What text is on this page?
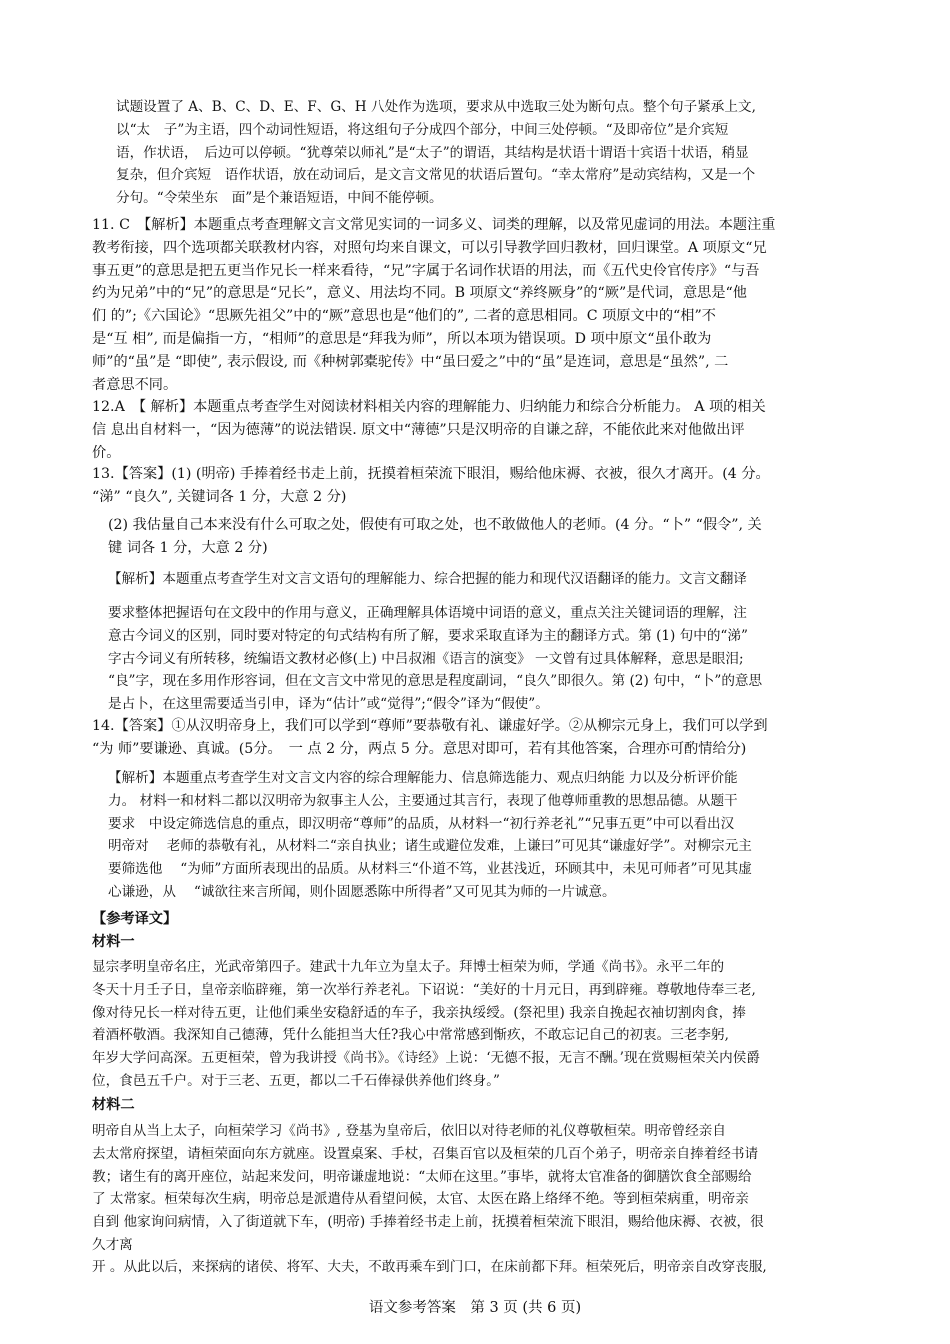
试题设置了 A、B、C、D、E、F、G、H 八处作为选项，要求从中选取三处为断句点。整个句子紧承上文,
以“太　子”为主语，四个动词性短语，将这组句子分成四个部分，中间三处停顿。“及即帝位”是介宾短
语，作状语，　后边可以停顿。“犹尊荣以师礼”是“太子”的谓语，其结构是状语十谓语十宾语十状语，稍显
复杂，但介宾短　语作状语，放在动词后，是文言文常见的状语后置句。“幸太常府”是动宾结构，又是一个
分句。“令荣坐东　面”是个兼语短语，中间不能停顿。
11. C　【解析】本题重点考查理解文言文常见实词的一词多义、词类的理解，以及常见虚词的用法。本题注重
教考衔接，四个选项都关联教材内容，对照句均来自课文，可以引导教学回归教材，回归课堂。A 项原文“兄
事五更”的意思是把五更当作兄长一样来看待，“兄”字属于名词作状语的用法，而《五代史伶官传序》“与吾
约为兄弟”中的“兄”的意思是“兄长”，意义、用法均不同。B 项原文“养终厥身”的“厥”是代词，意思是“他
们 的”;《六国论》“思厥先祖父”中的“厥”意思也是“他们的”, 二者的意思相同。C 项原文中的“相”不
是“互 相”, 而是偏指一方，“相师”的意思是“拜我为师”，所以本项为错误项。D 项中原文“虽仆敢为
师”的“虽”是 “即使”, 表示假设, 而《种树郭橐驼传》中“虽曰爱之”中的“虽”是连词，意思是“虽然”, 二
者意思不同。
12.A　【 解析】本题重点考查学生对阅读材料相关内容的理解能力、归纳能力和综合分析能力。 A 项的相关
信 息出自材料一，“因为德薄”的说法错误. 原文中“薄德”只是汉明帝的自谦之辞，不能依此来对他做出评
价。
13.【答案】(1) (明帝) 手捧着经书走上前，抚摸着桓荣流下眼泪，赐给他床褥、衣被，很久才离开。(4 分。
“涕” “良久”, 关键词各 1 分，大意 2 分)
(2) 我估量自己本来没有什么可取之处，假使有可取之处，也不敢做他人的老师。(4 分。“卜” “假令”, 关
键 词各 1 分，大意 2 分)
【解析】本题重点考查学生对文言文语句的理解能力、综合把握的能力和现代汉语翻译的能力。文言文翻译
要求整体把握语句在文段中的作用与意义，正确理解具体语境中词语的意义，重点关注关键词语的理解，注
意古今词义的区别，同时要对特定的句式结构有所了解，要求采取直译为主的翻译方式。第 (1) 句中的“涕”
字古今词义有所转移，统编语文教材必修(上) 中吕叔湘《语言的演变》 一文曾有过具体解释，意思是眼泪;
“良”字，现在多用作形容词，但在文言文中常见的意思是程度副词，“良久”即很久。第 (2) 句中，“卜”的意思
是占卜，在这里需要适当引申，译为“估计”或“觉得”;“假令”译为“假使”。
14.【答案】①从汉明帝身上，我们可以学到“尊师”要恭敬有礼、谦虚好学。②从柳宗元身上，我们可以学到
“为 师”要谦逊、真诚。(5分。　一 点 2 分，两点 5 分。意思对即可，若有其他答案，合理亦可酌情给分)
【解析】本题重点考查学生对文言文内容的综合理解能力、信息筛选能力、观点归纳能 力以及分析评价能
力。 材料一和材料二都以汉明帝为叙事主人公，主要通过其言行，表现了他尊师重教的思想品德。从题干
要求　中设定筛选信息的重点，即汉明帝“尊师”的品质，从材料一“初行养老礼”“兄事五更”中可以看出汉
明帝对　 老师的恭敬有礼，从材料二“亲自执业；诸生或避位发难，上谦曰”可见其“谦虚好学”。对柳宗元主
要筛选他　 “为师”方面所表现出的品质。从材料三“仆道不笃，业甚浅近，环顾其中，未见可师者”可见其虚
心谦逊，从　 “诚欲往来言所闻，则仆固愿悉陈中所得者”又可见其为师的一片诚意。
【参考译文】
材料一
显宗孝明皇帝名庄，光武帝第四子。建武十九年立为皇太子。拜博士桓荣为师，学通《尚书》。永平二年的
冬天十月壬子日，皇帝亲临辟雍，第一次举行养老礼。下诏说：“美好的十月元日，再到辟雍。尊敬地侍奉三老,
像对待兄长一样对待五更，让他们乘坐安稳舒适的车子，我亲执绥绶。(祭祀里) 我亲自挽起衣袖切割肉食，捧
着酒杯敬酒。我深知自己德薄，凭什么能担当大任?我心中常常感到惭疚，不敢忘记自己的初衷。三老李躬,
年岁大学问高深。五更桓荣，曾为我讲授《尚书》。《诗经》上说：‘无德不报，无言不酬。’现在赏赐桓荣关内侯爵
位，食邑五千户。对于三老、五更，都以二千石俸禄供养他们终身。”
材料二
明帝自从当上太子，向桓荣学习《尚书》, 登基为皇帝后，依旧以对待老师的礼仪尊敬桓荣。明帝曾经亲自
去太常府探望，请桓荣面向东方就座。设置桌案、手杖，召集百官以及桓荣的几百个弟子，明帝亲自捧着经书请
教；诸生有的离开座位，站起来发问，明帝谦虚地说：“太师在这里。”事毕，就将太官准备的御膳饮食全部赐给
了 太常家。桓荣每次生病，明帝总是派遣侍从看望问候，太官、太医在路上络绎不绝。等到桓荣病重，明帝亲
自到 他家询问病情，入了街道就下车，(明帝) 手捧着经书走上前，抚摸着桓荣流下眼泪，赐给他床褥、衣被，很
久才离
开 。从此以后，来探病的诸侯、将军、大夫，不敢再乘车到门口，在床前都下拜。桓荣死后，明帝亲自改穿丧服,
语文参考答案　第 3 页 (共 6 页)
